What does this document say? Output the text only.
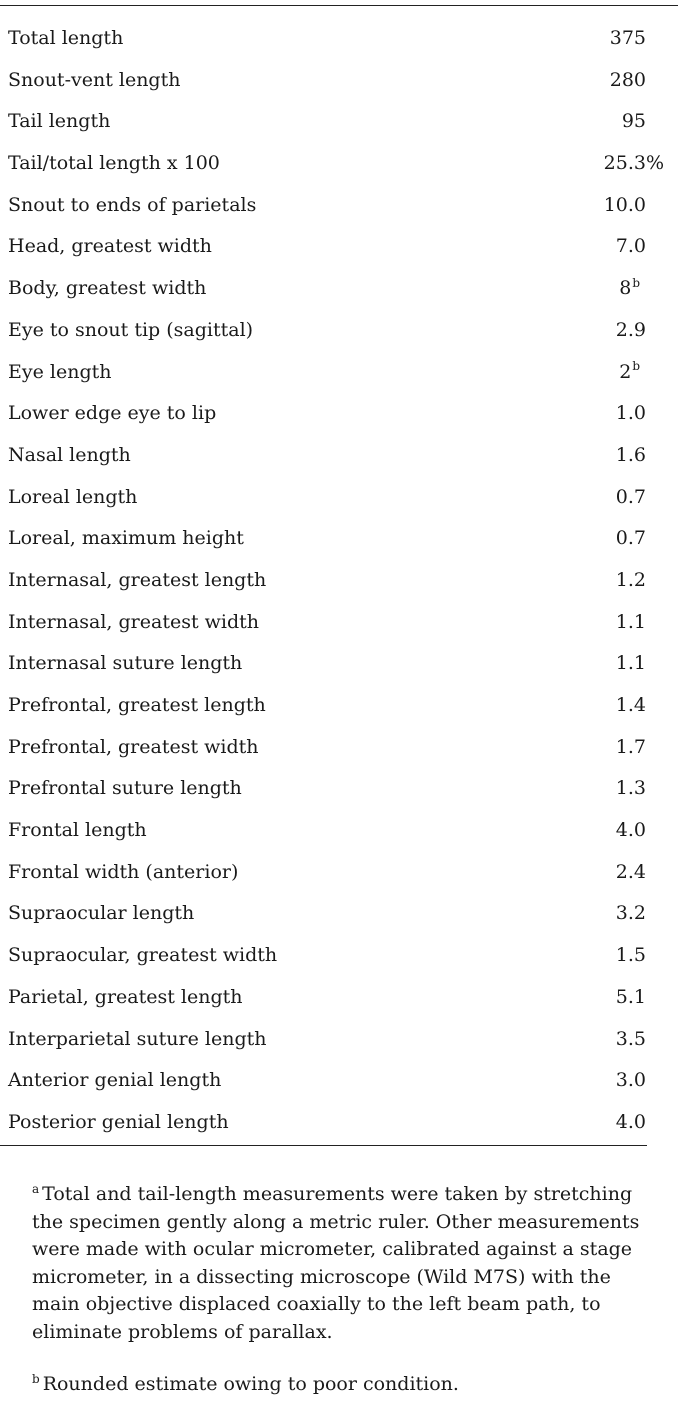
Total length	375
Snout-vent length	280
Tail length	95
Tail/total length x 100	25.3%
Snout to ends of parietals	10.0
Head, greatest width	7.0
Body, greatest width	8$^b$
Eye to snout tip (sagittal)	2.9
Eye length	2$^b$
Lower edge eye to lip	1.0
Nasal length	1.6
Loreal length	0.7
Loreal, maximum height	0.7
Internasal, greatest length	1.2
Internasal, greatest width	1.1
Internasal suture length	1.1
Prefrontal, greatest length	1.4
Prefrontal, greatest width	1.7
Prefrontal suture length	1.3
Frontal length	4.0
Frontal width (anterior)	2.4
Supraocular length	3.2
Supraocular, greatest width	1.5
Parietal, greatest length	5.1
Interparietal suture length	3.5
Anterior genial length	3.0
Posterior genial length	4.0
$^a$ Total and tail-length measurements were taken by stretching the specimen gently along a metric ruler. Other measurements were made with ocular micrometer, calibrated against a stage micrometer, in a dissecting microscope (Wild M7S) with the main objective displaced coaxially to the left beam path, to eliminate problems of parallax.
$^b$ Rounded estimate owing to poor condition.
